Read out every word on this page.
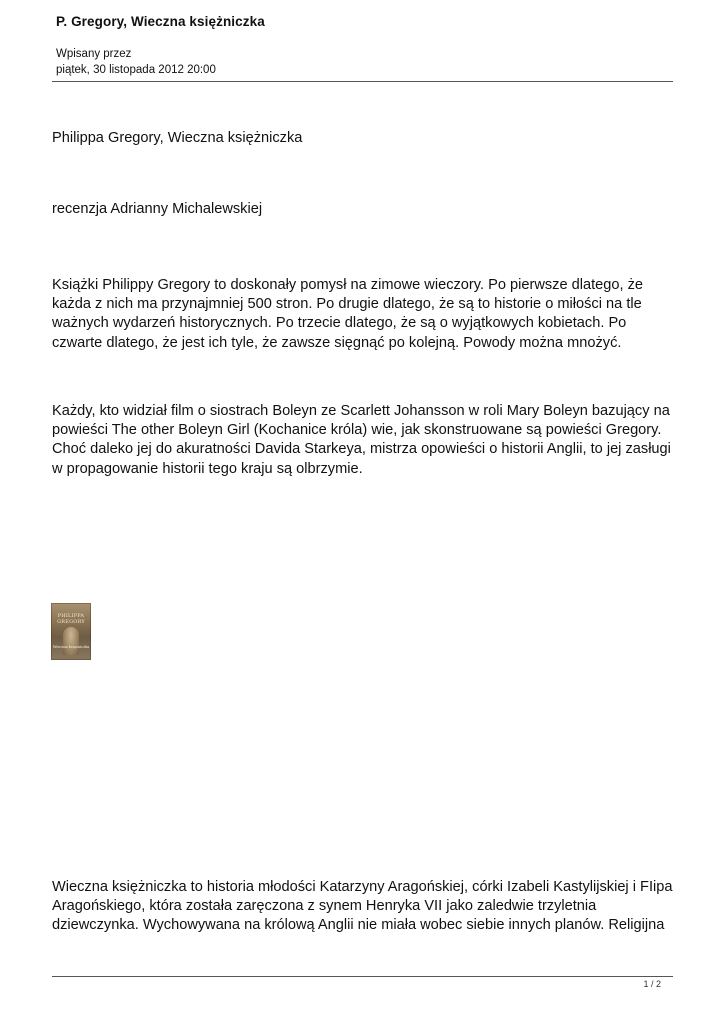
P. Gregory, Wieczna księżniczka
Wpisany przez
piątek, 30 listopada 2012 20:00

Philippa Gregory, Wieczna księżniczka

recenzja Adrianny Michalewskiej

Książki Philippy Gregory to doskonały pomysł na zimowe wieczory. Po pierwsze dlatego, że każda z nich ma przynajmniej 500 stron. Po drugie dlatego, że są to historie o miłości na tle ważnych wydarzeń historycznych. Po trzecie dlatego, że są o wyjątkowych kobietach. Po czwarte dlatego, że jest ich tyle, że zawsze sięgnąć po kolejną. Powody można mnożyć.

Każdy, kto widział film o siostrach Boleyn ze Scarlett Johansson w roli Mary Boleyn bazujący na powieści The other Boleyn Girl (Kochanice króla) wie, jak skonstruowane są powieści Gregory. Choć daleko jej do akuratności Davida Starkeya, mistrza opowieści o historii Anglii, to jej zasługi w propagowanie historii tego kraju są olbrzymie.

PHILIPPA GREGORY
Wieczna księżniczka

Wieczna księżniczka to historia młodości Katarzyny Aragońskiej, córki Izabeli Kastylijskiej i FIipa Aragońskiego, która została zaręczona z synem Henryka VII jako zaledwie trzyletnia dziewczynka. Wychowywana na królową Anglii nie miała wobec siebie innych planów. Religijna

1 / 2
